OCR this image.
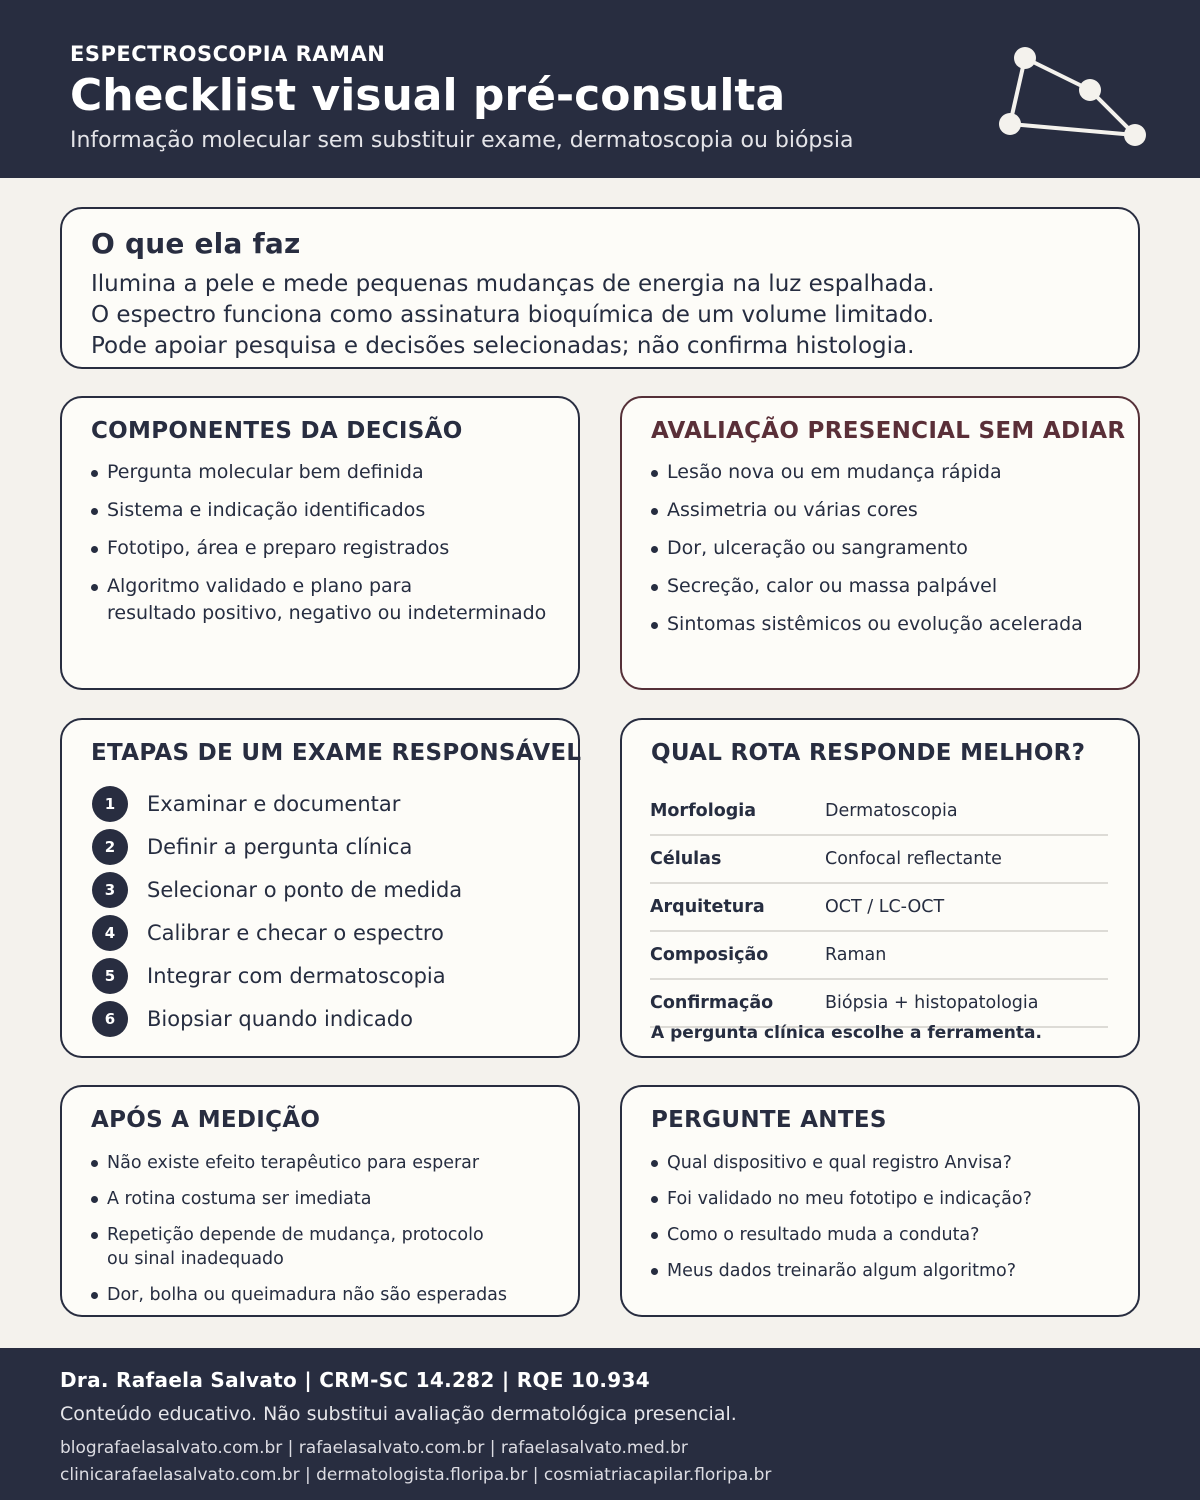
ESPECTROSCOPIA RAMAN
Checklist visual pré-consulta
Informação molecular sem substituir exame, dermatoscopia ou biópsia
O que ela faz
Ilumina a pele e mede pequenas mudanças de energia na luz espalhada.
O espectro funciona como assinatura bioquímica de um volume limitado.
Pode apoiar pesquisa e decisões selecionadas; não confirma histologia.
COMPONENTES DA DECISÃO
Pergunta molecular bem definida
Sistema e indicação identificados
Fototipo, área e preparo registrados
Algoritmo validado e plano para
resultado positivo, negativo ou indeterminado
AVALIAÇÃO PRESENCIAL SEM ADIAR
Lesão nova ou em mudança rápida
Assimetria ou várias cores
Dor, ulceração ou sangramento
Secreção, calor ou massa palpável
Sintomas sistêmicos ou evolução acelerada
ETAPAS DE UM EXAME RESPONSÁVEL
1	Examinar e documentar
2	Definir a pergunta clínica
3	Selecionar o ponto de medida
4	Calibrar e checar o espectro
5	Integrar com dermatoscopia
6	Biopsiar quando indicado
QUAL ROTA RESPONDE MELHOR?
Morfologia	Dermatoscopia
Células	Confocal reflectante
Arquitetura	OCT / LC-OCT
Composição	Raman
Confirmação	Biópsia + histopatologia
A pergunta clínica escolhe a ferramenta.
APÓS A MEDIÇÃO
Não existe efeito terapêutico para esperar
A rotina costuma ser imediata
Repetição depende de mudança, protocolo
ou sinal inadequado
Dor, bolha ou queimadura não são esperadas
PERGUNTE ANTES
Qual dispositivo e qual registro Anvisa?
Foi validado no meu fototipo e indicação?
Como o resultado muda a conduta?
Meus dados treinarão algum algoritmo?
Dra. Rafaela Salvato | CRM-SC 14.282 | RQE 10.934
Conteúdo educativo. Não substitui avaliação dermatológica presencial.
blografaelasalvato.com.br | rafaelasalvato.com.br | rafaelasalvato.med.br
clinicarafaelasalvato.com.br | dermatologista.floripa.br | cosmiatriacapilar.floripa.br
